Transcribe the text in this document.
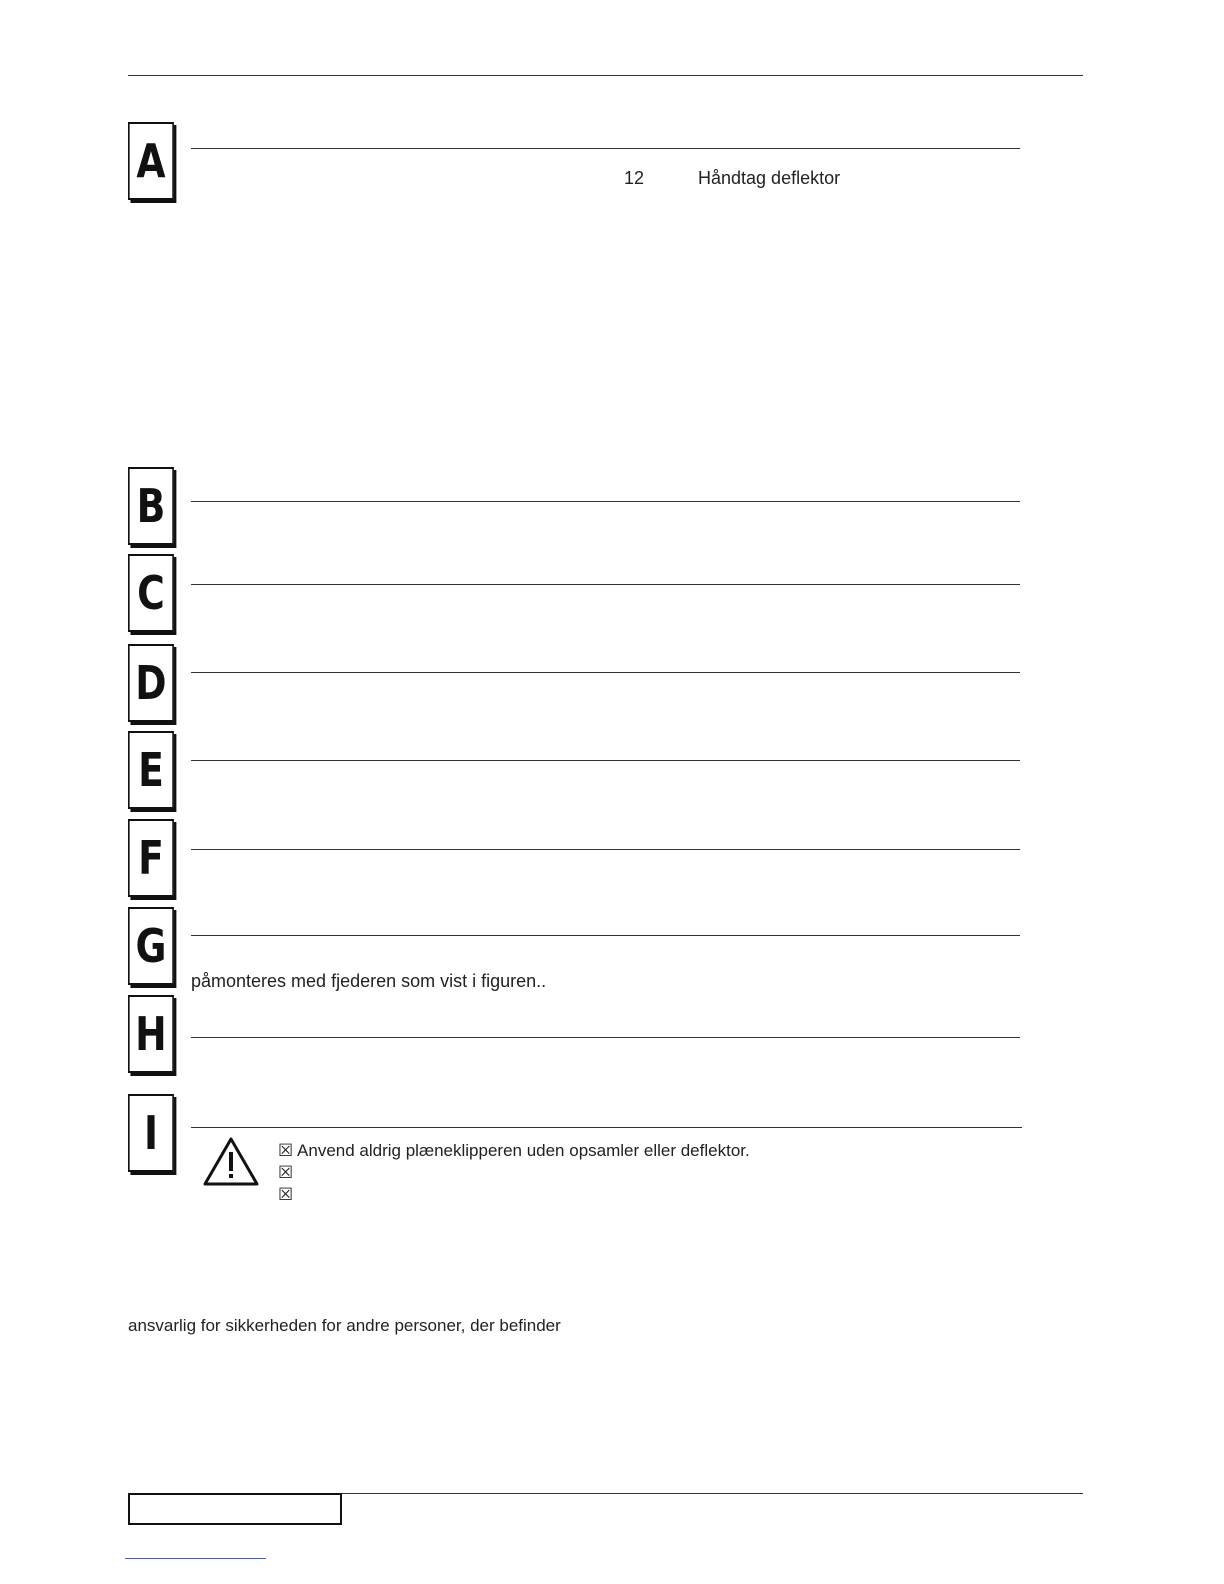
A	12	Håndtag deflektor
B
C
D
E
F
G
påmonteres med fjederen som vist i figuren..
H
I	☒ Anvend aldrig plæneklipperen uden opsamler eller deflektor.
☒
☒
ansvarlig for sikkerheden for andre personer, der befinder
